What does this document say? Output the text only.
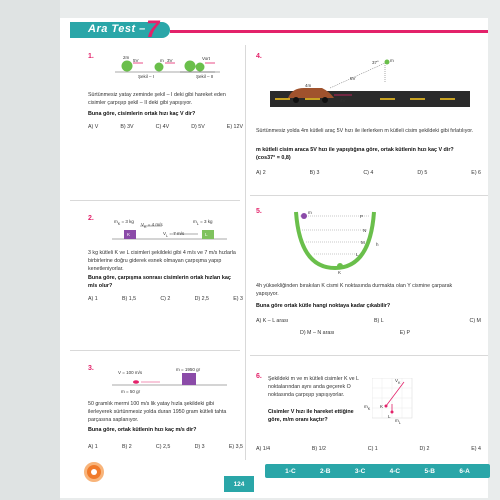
Ara Test – 7
1.	2m
m
5V	3V	Vort
Şekil – I	Şekil – II
Sürtünmesiz yatay zeminde şekil – I deki gibi hareket eden cisimler çarpışıp şekil – II deki gibi yapışıyor.
Buna göre, cisimlerin ortak hızı kaç V dir?
A) V	B) 3V	C) 4V	D) 5V	E) 12V
2.	$m_K = 3$ kg	$m_L = 3$ kg
$V_K = 4$ m/s
$V_L = 7$ m/s
K	L
3 kg kütleli K ve L cisimleri şekildeki gibi 4 m/s ve 7 m/s hızlarla birbirlerine doğru giderek esnek olmayan çarpışma yapıp kenetleniyorlar.
Buna göre, çarpışma sonrası cisimlerin ortak hızları kaç m/s olur?
A) 1	B) 1,5	C) 2	D) 2,5	E) 3
3.
V = 100 m/s
m = 50 gr
m = 1950 gr
50 gramlık mermi 100 m/s lik yatay hızla şekildeki gibi ilerleyerek sürtünmesiz yolda duran 1950 gram kütleli tahta parçasına saplanıyor.
Buna göre, ortak kütlenin hızı kaç m/s dir?
A) 1	B) 2	C) 2,5	D) 3	E) 3,5
4.
37° m
5V
4V
4m
Sürtünmesiz yolda 4m kütleli araç 5V hızı ile ilerlerken m kütleli cisim şekildeki gibi fırlatılıyor.
m kütleli cisim araca 5V hızı ile yapıştığına göre, ortak kütlenin hızı kaç V dir? (cos37° = 0,8)
A) 2	B) 3	C) 4	D) 5	E) 6
5.	m
P
N
M
L
h
K
4h yüksekliğinden bırakılan K cismi K noktasında durmakta olan Y cismine çarparak yapışıyor.
Buna göre ortak kütle hangi noktaya kadar çıkabilir?
A) K – L arası	B) L	C) M
D) M – N arası	E) P
6. Şekildeki m ve m kütleli cisimler K ve L noktalarından aynı anda geçerek O noktasında çarpışıp yapışıyorlar.
Cisimler V hızı ile hareket ettiğine göre, m/m oranı kaçtır?
$V_K$
K
L
$m_K$
$m_L$
A) 1/4	B) 1/2	C) 1	D) 2	E) 4
124
1-C	2-B	3-C	4-C	5-B	6-A
